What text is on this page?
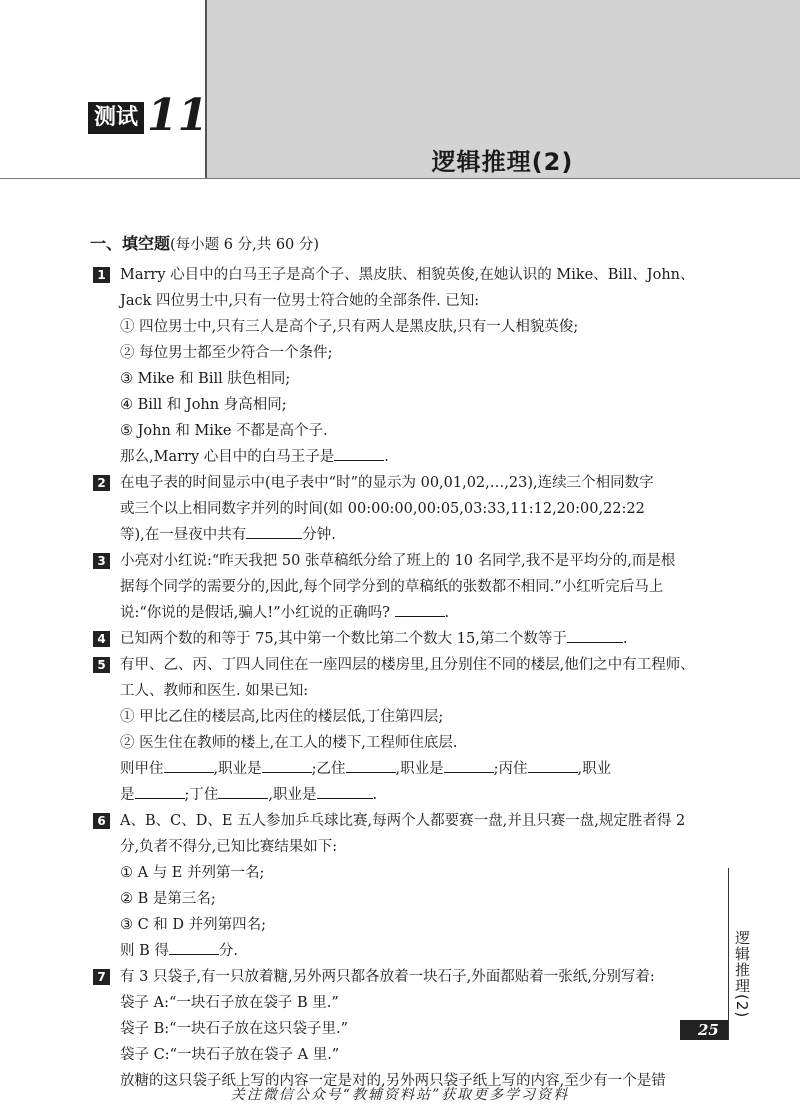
测试 11
逻辑推理(2)
一、填空题(每小题 6 分,共 60 分)
1 Marry 心目中的白马王子是高个子、黑皮肤、相貌英俊,在她认识的 Mike、Bill、John、
Jack 四位男士中,只有一位男士符合她的全部条件. 已知:
① 四位男士中,只有三人是高个子,只有两人是黑皮肤,只有一人相貌英俊;
② 每位男士都至少符合一个条件;
③ Mike 和 Bill 肤色相同;
④ Bill 和 John 身高相同;
⑤ John 和 Mike 不都是高个子.
那么,Marry 心目中的白马王子是	.
2 在电子表的时间显示中(电子表中“时”的显示为 00,01,02,…,23),连续三个相同数字
或三个以上相同数字并列的时间(如 00:00:00,00:05,03:33,11:12,20:00,22:22
等),在一昼夜中共有	分钟.
3 小亮对小红说:“昨天我把 50 张草稿纸分给了班上的 10 名同学,我不是平均分的,而是根
据每个同学的需要分的,因此,每个同学分到的草稿纸的张数都不相同.”小红听完后马上
说:“你说的是假话,骗人!”小红说的正确吗?	.
4 已知两个数的和等于 75,其中第一个数比第二个数大 15,第二个数等于	.
5 有甲、乙、丙、丁四人同住在一座四层的楼房里,且分别住不同的楼层,他们之中有工程师、
工人、教师和医生. 如果已知:
① 甲比乙住的楼层高,比丙住的楼层低,丁住第四层;
② 医生住在教师的楼上,在工人的楼下,工程师住底层.
则甲住	,职业是	;乙住	,职业是	;丙住	,职业
是	;丁住	,职业是	.
6 A、B、C、D、E 五人参加乒乓球比赛,每两个人都要赛一盘,并且只赛一盘,规定胜者得 2
分,负者不得分,已知比赛结果如下:
① A 与 E 并列第一名;
② B 是第三名;
③ C 和 D 并列第四名;
则 B 得	分.
7 有 3 只袋子,有一只放着糖,另外两只都各放着一块石子,外面都贴着一张纸,分别写着:
袋子 A:“一块石子放在袋子 B 里.”
袋子 B:“一块石子放在这只袋子里.”
袋子 C:“一块石子放在袋子 A 里.”
放糖的这只袋子纸上写的内容一定是对的,另外两只袋子纸上写的内容,至少有一个是错
逻辑推理(2)
25
关注微信公众号“教辅资料站”获取更多学习资料
